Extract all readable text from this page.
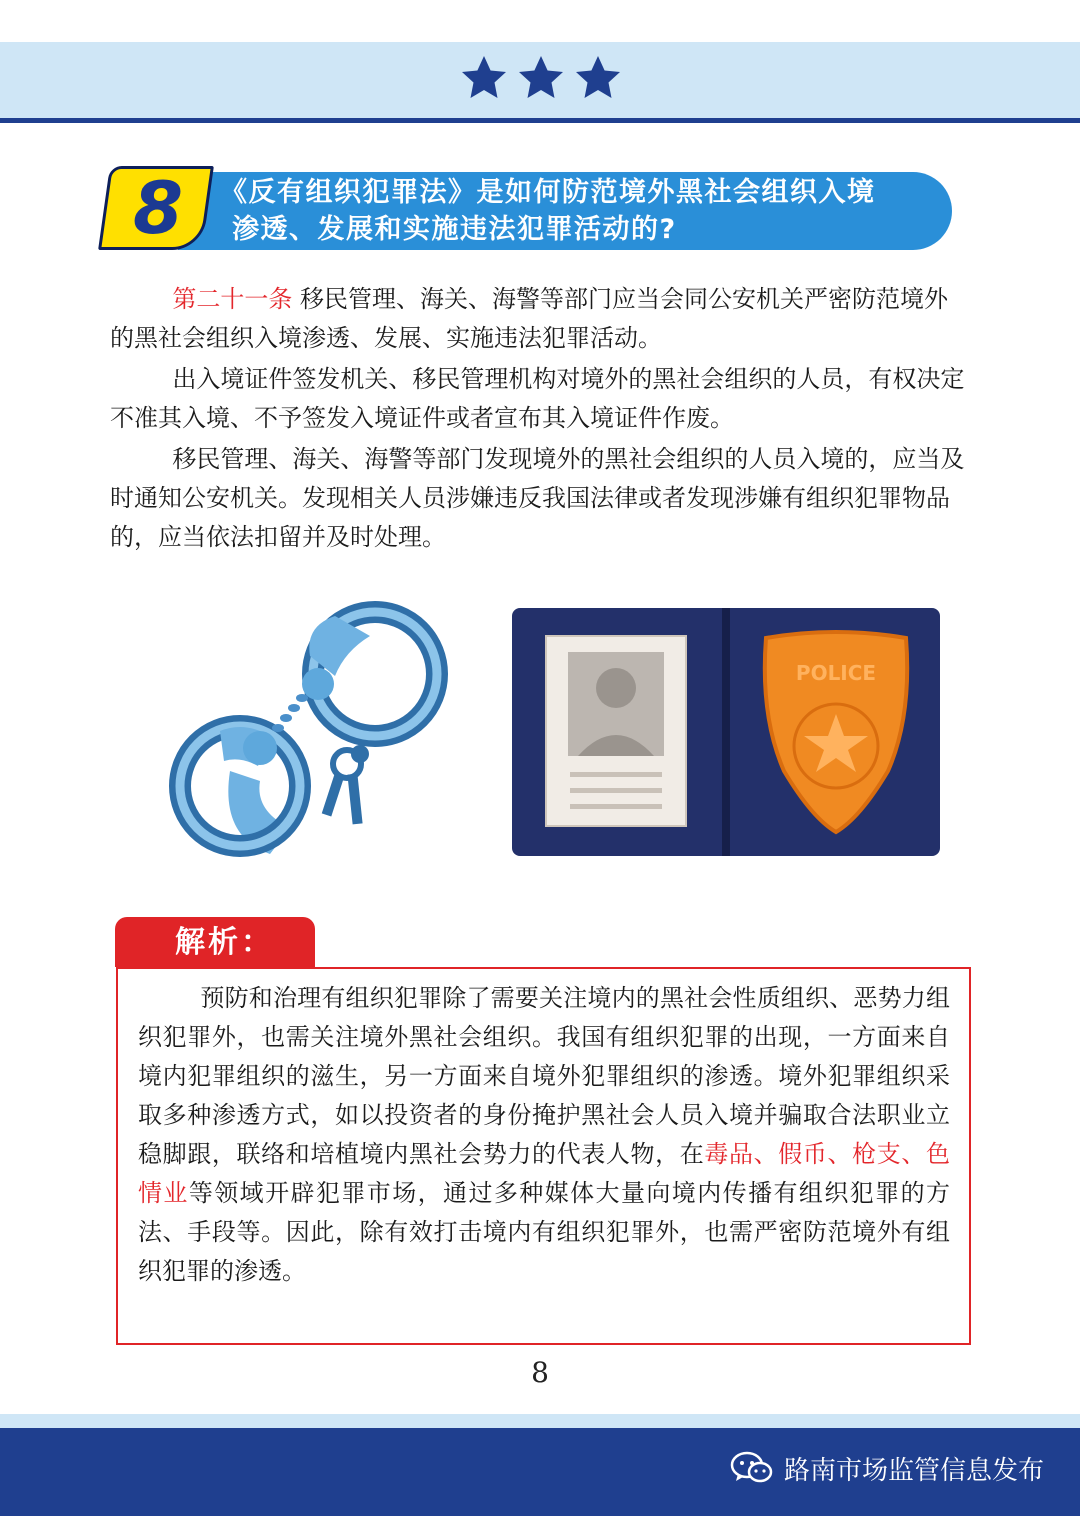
8	《反有组织犯罪法》是如何防范境外黑社会组织入境
渗透、发展和实施违法犯罪活动的?

第二十一条 移民管理、海关、海警等部门应当会同公安机关严密防范境外的黑社会组织入境渗透、发展、实施违法犯罪活动。

出入境证件签发机关、移民管理机构对境外的黑社会组织的人员，有权决定不准其入境、不予签发入境证件或者宣布其入境证件作废。

移民管理、海关、海警等部门发现境外的黑社会组织的人员入境的，应当及时通知公安机关。发现相关人员涉嫌违反我国法律或者发现涉嫌有组织犯罪物品的，应当依法扣留并及时处理。

POLICE
解析：

预防和治理有组织犯罪除了需要关注境内的黑社会性质组织、恶势力组织犯罪外，也需关注境外黑社会组织。我国有组织犯罪的出现，一方面来自境内犯罪组织的滋生，另一方面来自境外犯罪组织的渗透。境外犯罪组织采取多种渗透方式，如以投资者的身份掩护黑社会人员入境并骗取合法职业立稳脚跟，联络和培植境内黑社会势力的代表人物，在毒品、假币、枪支、色情业等领域开辟犯罪市场，通过多种媒体大量向境内传播有组织犯罪的方法、手段等。因此，除有效打击境内有组织犯罪外，也需严密防范境外有组织犯罪的渗透。

8
路南市场监管信息发布
